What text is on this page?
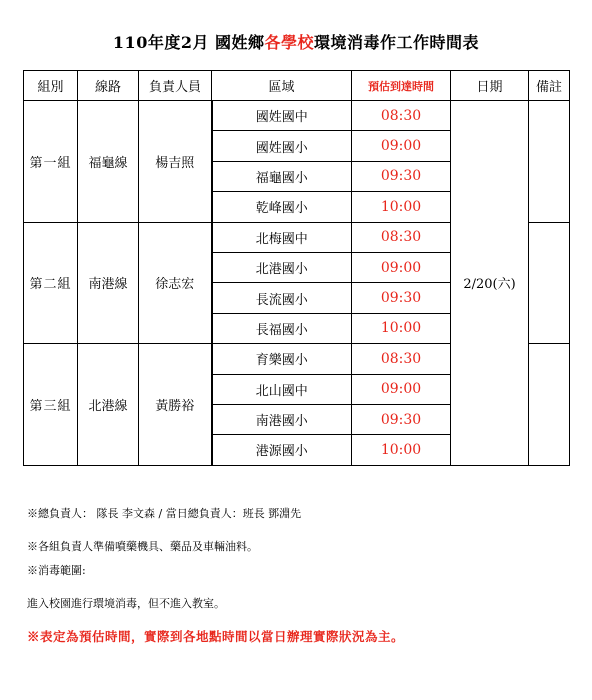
110年度2月 國姓鄉各學校環境消毒作工作時間表
組別	線路	負責人員	區域	預估到達時間	日期	備註
第一組	福龜線	楊吉照	國姓國中	08:30	2/20(六)	
			國姓國小	09:00		
			福龜國小	09:30		
			乾峰國小	10:00		
第二組	南港線	徐志宏	北梅國中	08:30		
			北港國小	09:00		
			長流國小	09:30		
			長福國小	10:00		
第三組	北港線	黃勝裕	育樂國小	08:30		
			北山國中	09:00		
			南港國小	09:30		
			港源國小	10:00		
※總負責人： 隊長 李文森 / 當日總負責人：班長 鄧淵先
※各組負責人準備噴藥機具、藥品及車輛油料。
※消毒範圍:
進入校園進行環境消毒，但不進入教室。
※表定為預估時間，實際到各地點時間以當日辦理實際狀況為主。
